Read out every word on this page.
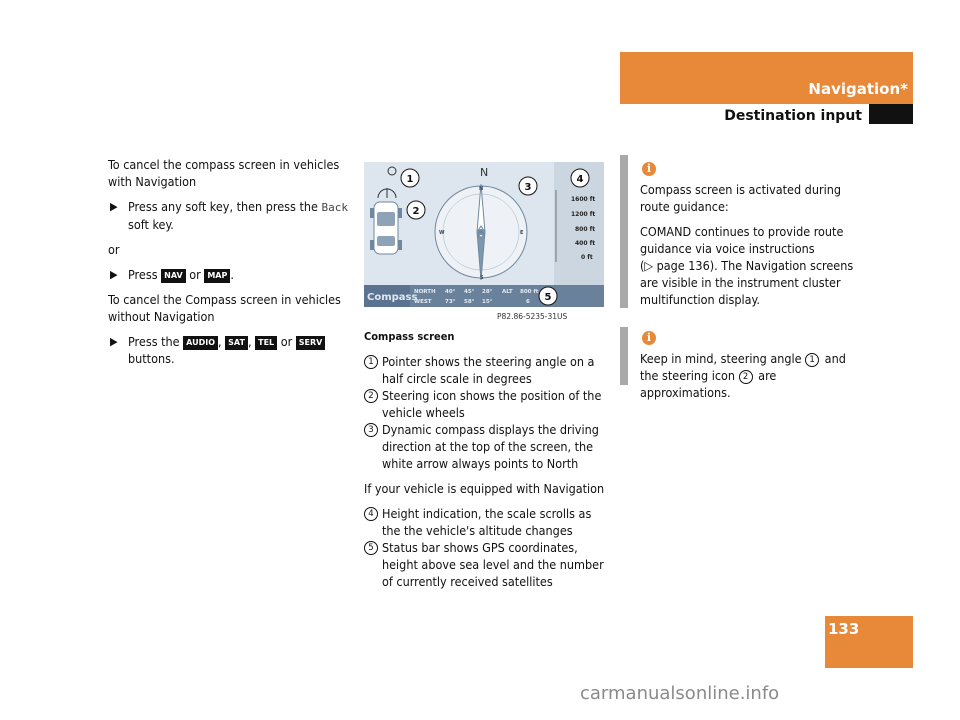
Navigation*
Destination input

To cancel the compass screen in vehicles with Navigation

▶ Press any soft key, then press the Back soft key.

or

▶ Press NAV or MAP .

To cancel the Compass screen in vehicles without Navigation

▶ Press the AUDIO , SAT , TEL or SERV
buttons.
N
S
W	E
N
1600 ft
1200 ft
800 ft
400 ft
0 ft
Compass
NORTH 40° 45° 28° ALT 800 ft
WEST 73° 58° 15°	6
1
2
3
4
5
P82.86-5235-31US

Compass screen

1 Pointer shows the steering angle on a half circle scale in degrees
2 Steering icon shows the position of the vehicle wheels
3 Dynamic compass displays the driving direction at the top of the screen, the white arrow always points to North

If your vehicle is equipped with Navigation

4 Height indication, the scale scrolls as the the vehicle's altitude changes
5 Status bar shows GPS coordinates, height above sea level and the number of currently received satellites
i

Compass screen is activated during route guidance:

COMAND continues to provide route guidance via voice instructions

(▷ page 136). The Navigation screens are visible in the instrument cluster multifunction display.

i

Keep in mind, steering angle 1 and the steering icon 2 are approximations.

133
carmanualsonline.info
